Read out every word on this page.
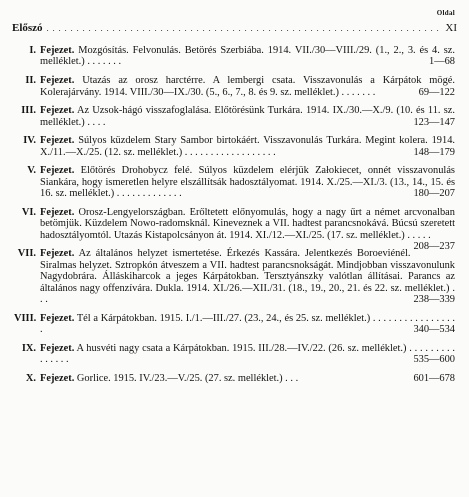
Oldal
Előszó
. . .	XI
I. Fejezet. Mozgósítás. Felvonulás. Betörés Szerbiába. 1914. VII./30—VIII./29. (1., 2., 3. és 4. sz. melléklet.) . . . . . . .	1—68
II. Fejezet. Utazás az orosz harctérre. A lembergi csata. Visszavonulás a Kárpátok mögé. Kolerajárvány. 1914. VIII./30—IX./30. (5., 6., 7., 8. és 9. sz. melléklet.) . . . . . . .	69—122
III. Fejezet. Az Uzsok-hágó visszafoglalása. Előtörésünk Turkára. 1914. IX./30.—X./9. (10. és 11. sz. melléklet.) . . . .	123—147
IV. Fejezet. Súlyos küzdelem Stary Sambor birtokáért. Visszavonulás Turkára. Megint kolera. 1914. X./11.—X./25. (12. sz. melléklet.) . . . . . . . . . . . . . . . . . .	148—179
V. Fejezet. Előtörés Drohobycz felé. Súlyos küzdelem elérjük Załokiecet, onnét visszavonulás Siankára, hogy ismeretlen helyre elszállítsák hadosztályomat. 1914. X./25.—XI./3. (13., 14., 15. és 16. sz. melléklet.) . . . . . . . . . . . . .	180—207
VI. Fejezet. Orosz-Lengyelországban. Erőltetett előnyomulás, hogy a nagy űrt a német arcvonalban betömjük. Küzdelem Nowo-radomsknál. Kineveznek a VII. hadtest parancsnokává. Búcsú szeretett hadosztályomtól. Utazás Kistapolcsányon át. 1914. XI./12.—XI./25. (17. sz. melléklet.) . . . . .
208—237
VII. Fejezet. Az általános helyzet ismertetése. Érkezés Kassára. Jelentkezés Boroeviénél. Siralmas helyzet. Sztropkón átveszem a VII. hadtest parancsnokságát. Mindjobban visszavonulunk Nagydobrára. Álláskiharcok a jeges Kárpátokban. Tersztyánszky valótlan állításai. Parancs az általános nagy offenzívára. Dukla. 1914. XI./26.—XII./31. (18., 19., 20., 21. és 22. sz. melléklet.) . . .	238—339
VIII. Fejezet. Tél a Kárpátokban. 1915. I./1.—III./27. (23., 24., és 25. sz. melléklet.) . . . . . . . . . . . . . . . . .	340—534
IX. Fejezet. A husvéti nagy csata a Kárpátokban. 1915. III./28.—IV./22. (26. sz. melléklet.) . . . . . . . . . . . . . . .	535—600
X. Fejezet. Gorlice. 1915. IV./23.—V./25. (27. sz. melléklet.) . . .	601—678
